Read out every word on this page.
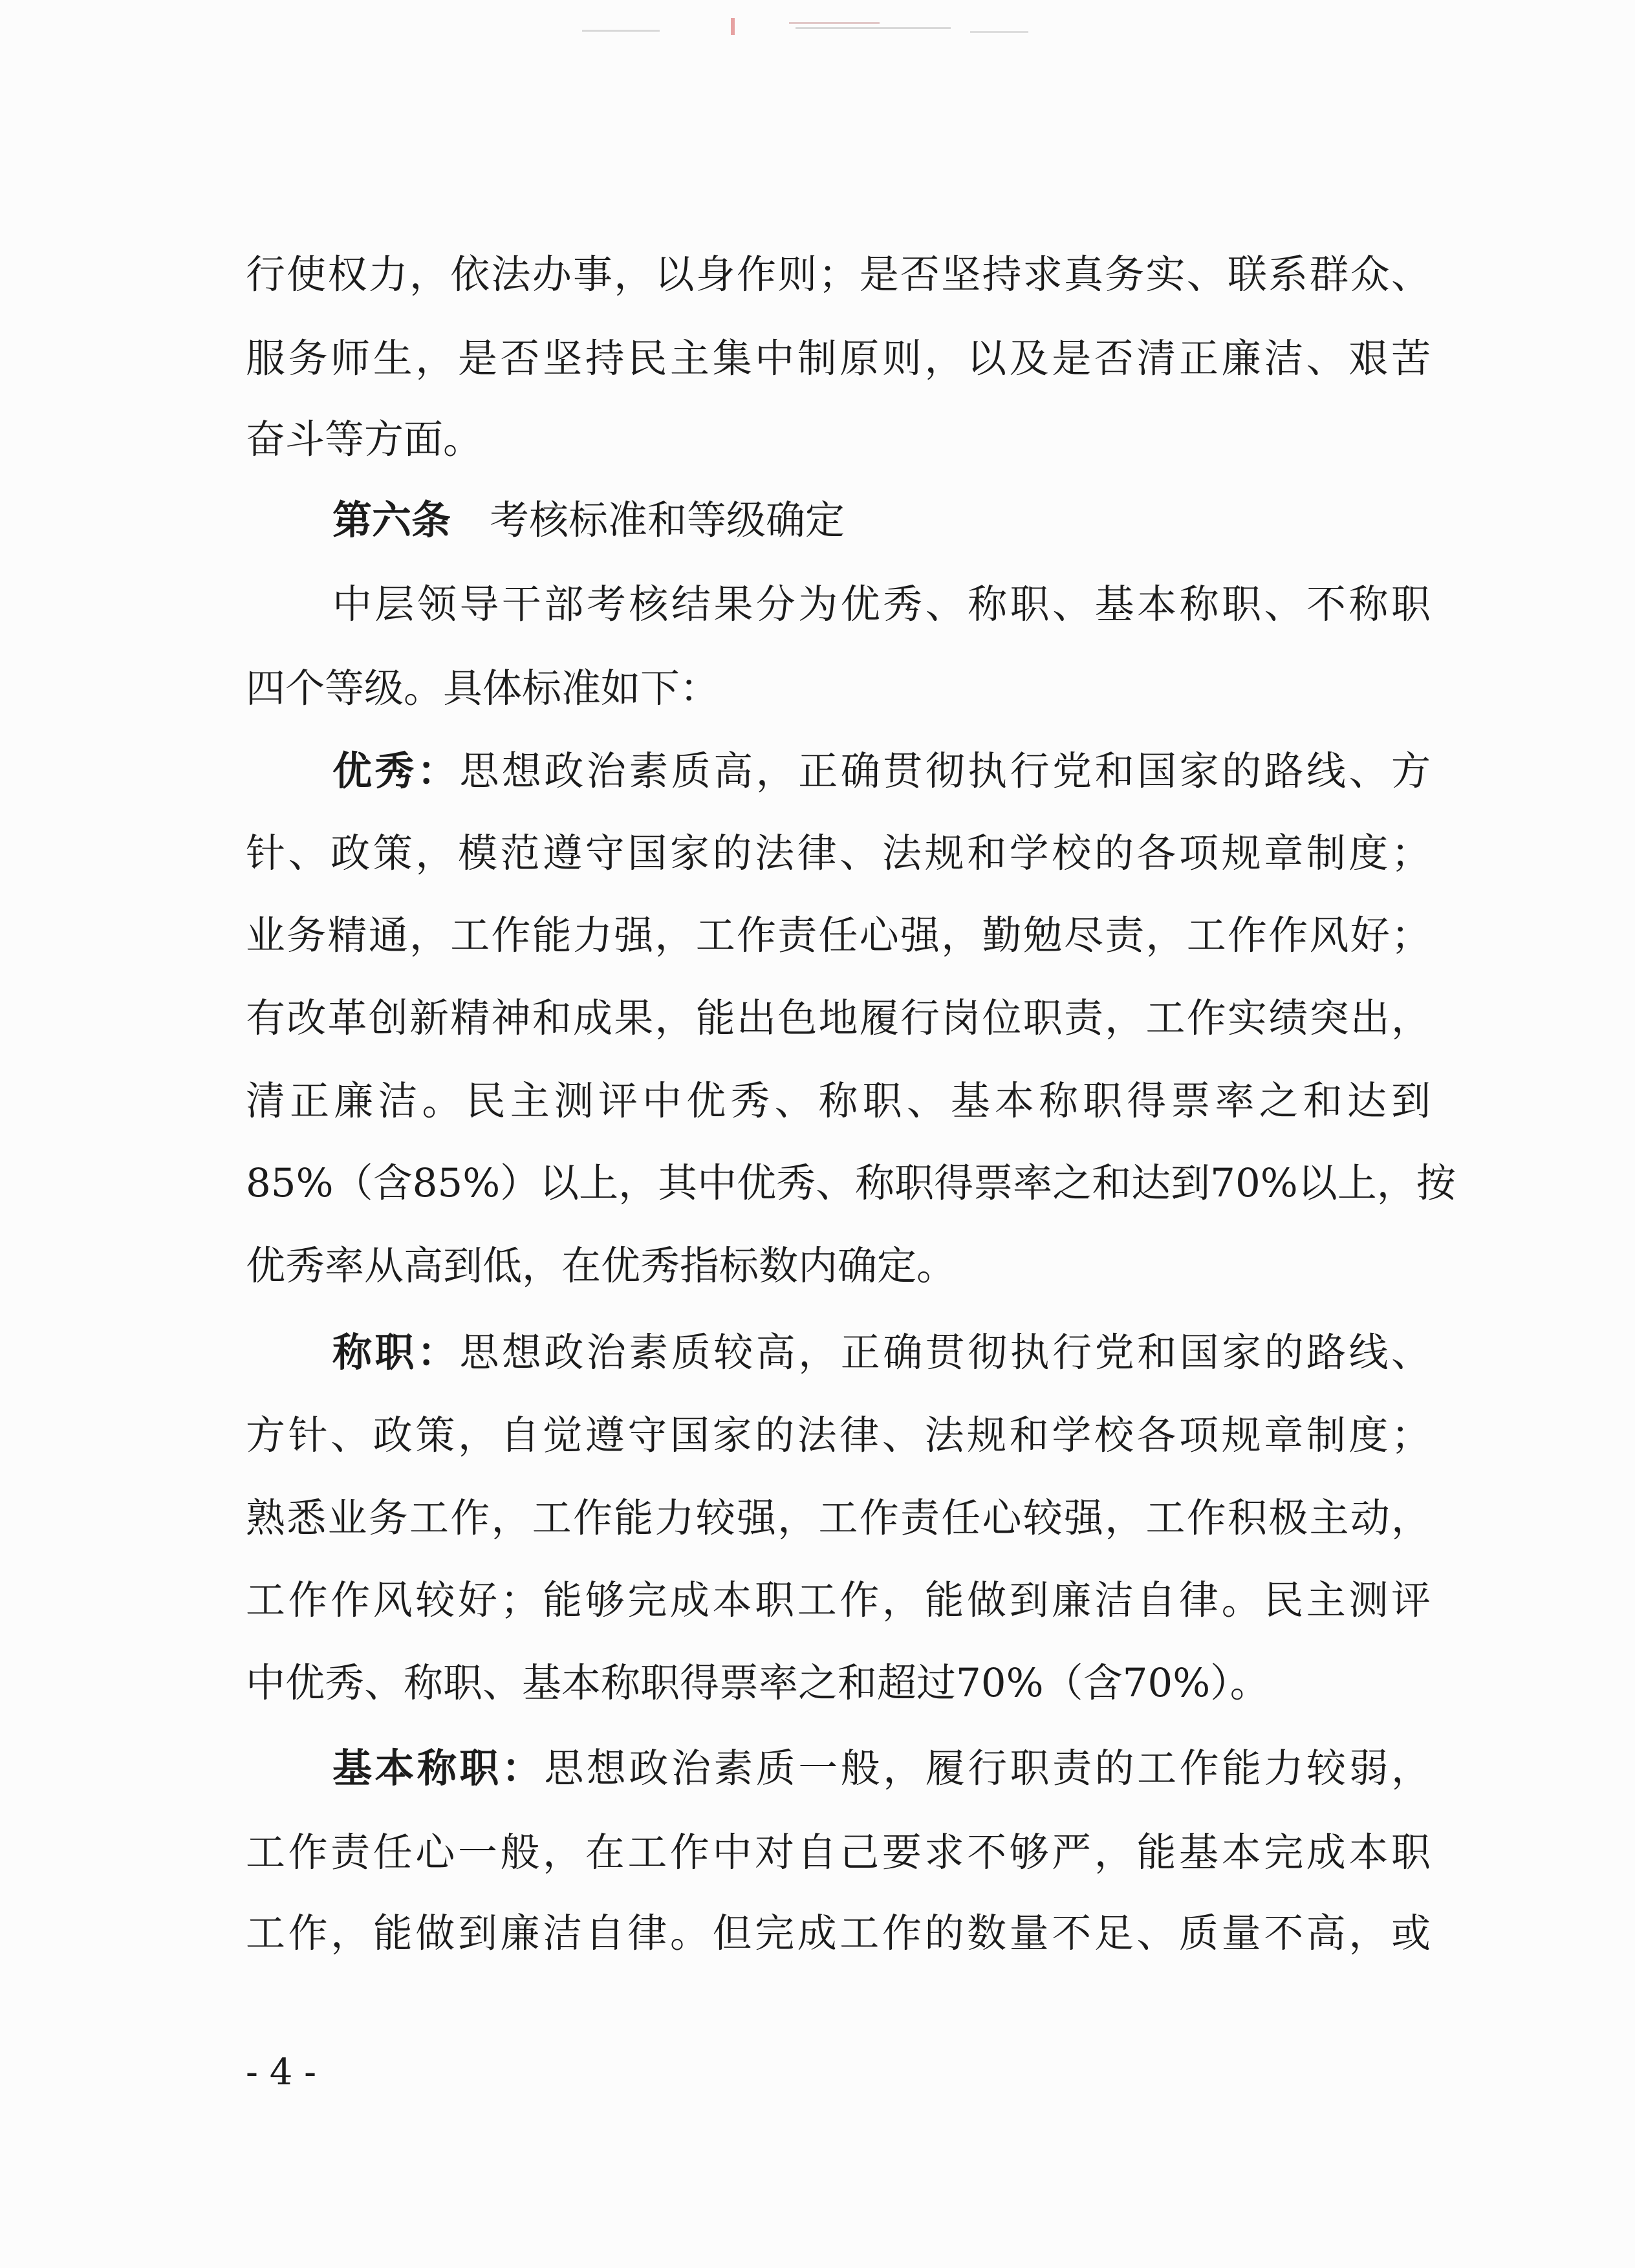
行使权力，依法办事，以身作则；是否坚持求真务实、联系群众、
服务师生，是否坚持民主集中制原则，以及是否清正廉洁、艰苦
奋斗等方面。
第六条 考核标准和等级确定
中层领导干部考核结果分为优秀、称职、基本称职、不称职
四个等级。具体标准如下：
优秀：思想政治素质高，正确贯彻执行党和国家的路线、方
针、政策，模范遵守国家的法律、法规和学校的各项规章制度；
业务精通，工作能力强，工作责任心强，勤勉尽责，工作作风好；
有改革创新精神和成果，能出色地履行岗位职责，工作实绩突出，
清正廉洁。民主测评中优秀、称职、基本称职得票率之和达到
85%（含85%）以上，其中优秀、称职得票率之和达到70%以上，按
优秀率从高到低，在优秀指标数内确定。
称职：思想政治素质较高，正确贯彻执行党和国家的路线、
方针、政策，自觉遵守国家的法律、法规和学校各项规章制度；
熟悉业务工作，工作能力较强，工作责任心较强，工作积极主动，
工作作风较好；能够完成本职工作，能做到廉洁自律。民主测评
中优秀、称职、基本称职得票率之和超过70%（含70%）。
基本称职：思想政治素质一般，履行职责的工作能力较弱，
工作责任心一般，在工作中对自己要求不够严，能基本完成本职
工作，能做到廉洁自律。但完成工作的数量不足、质量不高，或
- 4 -
